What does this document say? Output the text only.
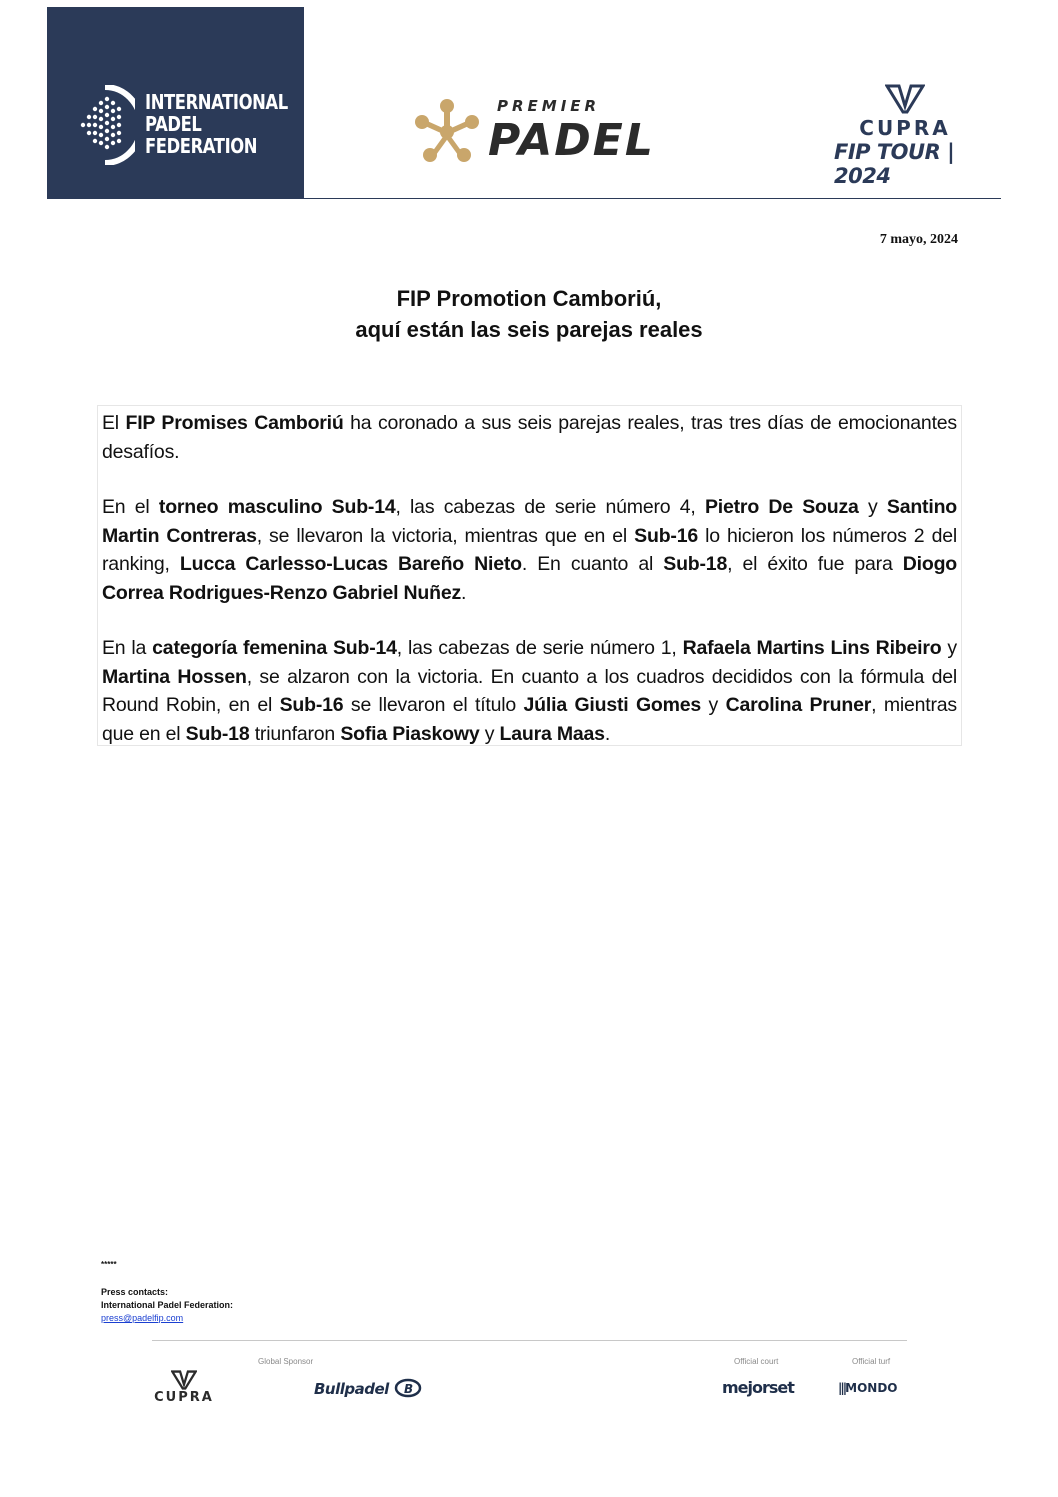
INTERNATIONAL
PADEL
FEDERATION
PREMIER
PADEL	CUPRA
FIP TOUR | 2024
7 mayo, 2024
FIP Promotion Camboriú,
aquí están las seis parejas reales

El FIP Promises Camboriú ha coronado a sus seis parejas reales, tras tres días de emocionantes desafíos.

En el torneo masculino Sub-14, las cabezas de serie número 4, Pietro De Souza y Santino Martin Contreras, se llevaron la victoria, mientras que en el Sub-16 lo hicieron los números 2 del ranking, Lucca Carlesso-Lucas Bareño Nieto. En cuanto al Sub-18, el éxito fue para Diogo Correa Rodrigues-Renzo Gabriel Nuñez.

En la categoría femenina Sub-14, las cabezas de serie número 1, Rafaela Martins Lins Ribeiro y Martina Hossen, se alzaron con la victoria. En cuanto a los cuadros decididos con la fórmula del Round Robin, en el Sub-16 se llevaron el título Júlia Giusti Gomes y Carolina Pruner, mientras que en el Sub-18 triunfaron Sofia Piaskowy y Laura Maas.

*****
Press contacts:
International Padel Federation:
press@padelfip.com
Global Sponsor	Official court	Official turf
CUPRA	Bullpadel B	mejorset	|||MONDO
